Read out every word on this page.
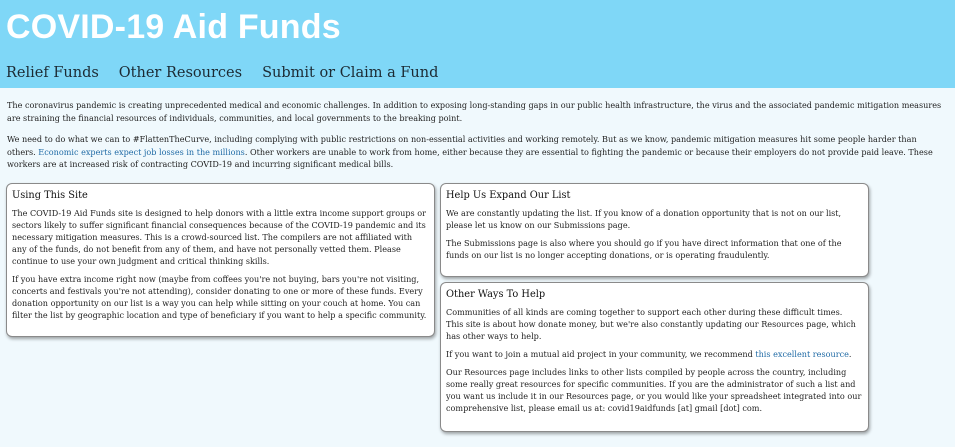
COVID-19 Aid Funds
Relief Funds Other Resources Submit or Claim a Fund

The coronavirus pandemic is creating unprecedented medical and economic challenges. In addition to exposing long-standing gaps in our public health infrastructure, the virus and the associated pandemic mitigation measures are straining the financial resources of individuals, communities, and local governments to the breaking point.

We need to do what we can to #FlattenTheCurve, including complying with public restrictions on non-essential activities and working remotely. But as we know, pandemic mitigation measures hit some people harder than others. Economic experts expect job losses in the millions. Other workers are unable to work from home, either because they are essential to fighting the pandemic or because their employers do not provide paid leave. These workers are at increased risk of contracting COVID-19 and incurring significant medical bills.

Using This Site

The COVID-19 Aid Funds site is designed to help donors with a little extra income support groups or sectors likely to suffer significant financial consequences because of the COVID-19 pandemic and its necessary mitigation measures. This is a crowd-sourced list. The compilers are not affiliated with any of the funds, do not benefit from any of them, and have not personally vetted them. Please continue to use your own judgment and critical thinking skills.

If you have extra income right now (maybe from coffees you're not buying, bars you're not visiting, concerts and festivals you're not attending), consider donating to one or more of these funds. Every donation opportunity on our list is a way you can help while sitting on your couch at home. You can filter the list by geographic location and type of beneficiary if you want to help a specific community.

Help Us Expand Our List

We are constantly updating the list. If you know of a donation opportunity that is not on our list, please let us know on our Submissions page.

The Submissions page is also where you should go if you have direct information that one of the funds on our list is no longer accepting donations, or is operating fraudulently.

Other Ways To Help

Communities of all kinds are coming together to support each other during these difficult times. This site is about how donate money, but we're also constantly updating our Resources page, which has other ways to help.

If you want to join a mutual aid project in your community, we recommend this excellent resource.

Our Resources page includes links to other lists compiled by people across the country, including some really great resources for specific communities. If you are the administrator of such a list and you want us include it in our Resources page, or you would like your spreadsheet integrated into our comprehensive list, please email us at: covid19aidfunds [at] gmail [dot] com.
